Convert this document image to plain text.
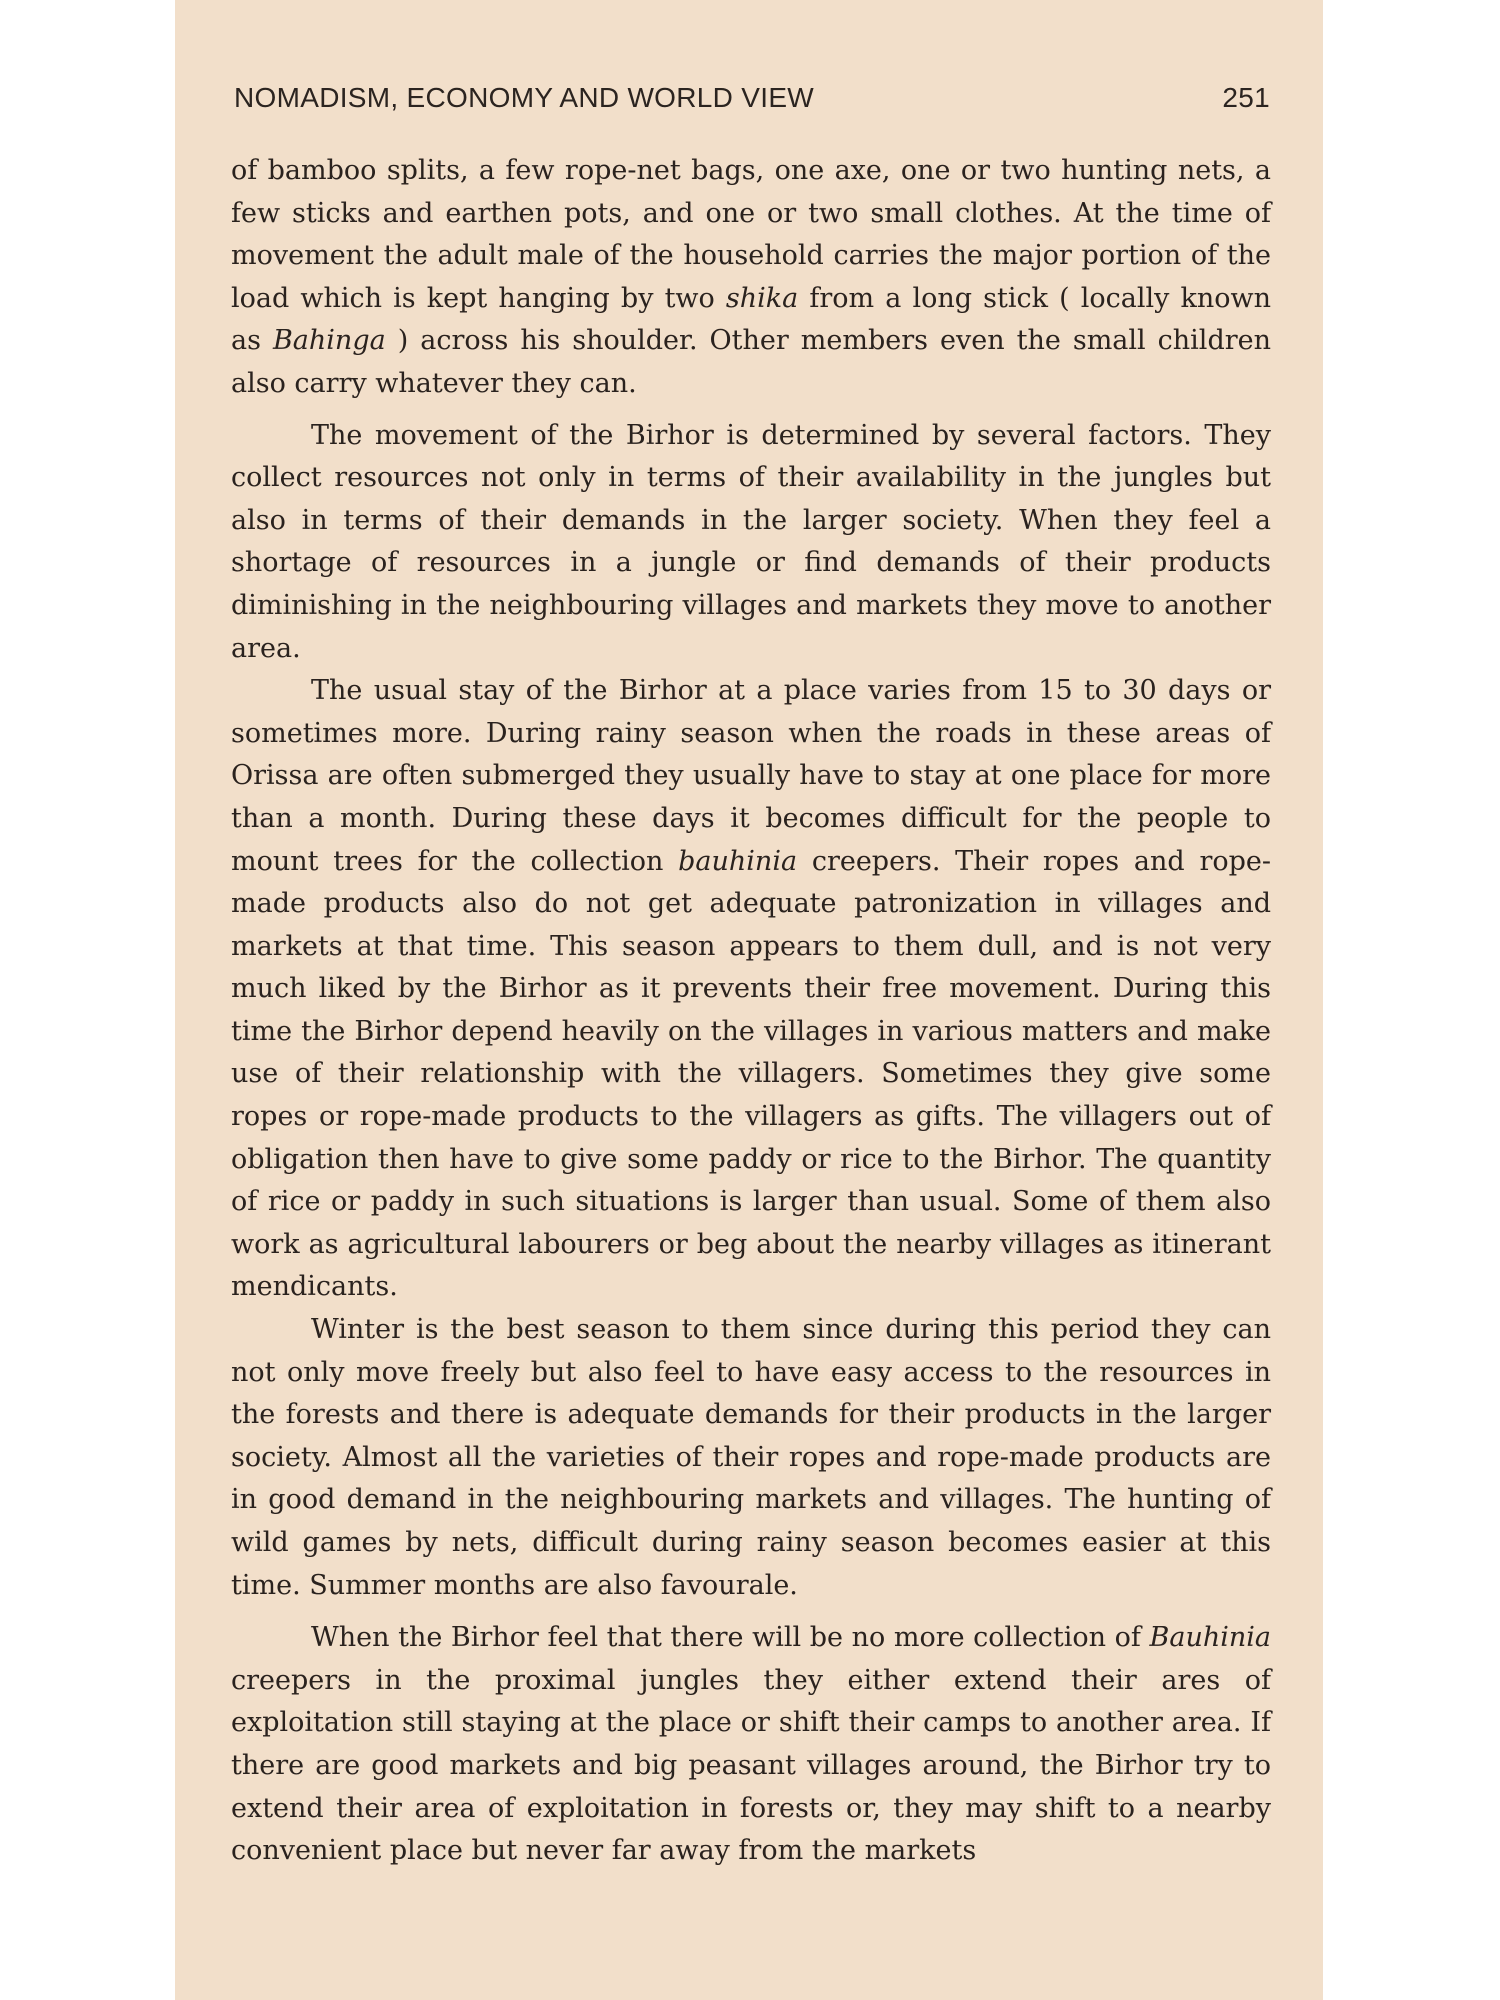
NOMADISM, ECONOMY AND WORLD VIEW	251

of bamboo splits, a few rope-net bags, one axe, one or two hunting nets, a few sticks and earthen pots, and one or two small clothes. At the time of movement the adult male of the household carries the major portion of the load which is kept hanging by two shika from a long stick ( locally known as Bahinga ) across his shoulder. Other members even the small children also carry whatever they can.

The movement of the Birhor is determined by several factors. They collect resources not only in terms of their availability in the jungles but also in terms of their demands in the larger society. When they feel a shortage of resources in a jungle or find demands of their products diminishing in the neighbouring villages and markets they move to another area.

The usual stay of the Birhor at a place varies from 15 to 30 days or sometimes more. During rainy season when the roads in these areas of Orissa are often submerged they usually have to stay at one place for more than a month. During these days it becomes difficult for the people to mount trees for the collection bauhinia creepers. Their ropes and rope-made products also do not get adequate patronization in villages and markets at that time. This season appears to them dull, and is not very much liked by the Birhor as it prevents their free movement. During this time the Birhor depend heavily on the villages in various matters and make use of their relationship with the villagers. Sometimes they give some ropes or rope-made products to the villagers as gifts. The villagers out of obligation then have to give some paddy or rice to the Birhor. The quantity of rice or paddy in such situations is larger than usual. Some of them also work as agricultural labourers or beg about the nearby villages as itinerant mendicants.

Winter is the best season to them since during this period they can not only move freely but also feel to have easy access to the resources in the forests and there is adequate demands for their products in the larger society. Almost all the varieties of their ropes and rope-made products are in good demand in the neighbouring markets and villages. The hunting of wild games by nets, difficult during rainy season becomes easier at this time. Summer months are also favourale.

When the Birhor feel that there will be no more collection of Bauhinia creepers in the proximal jungles they either extend their ares of exploitation still staying at the place or shift their camps to another area. If there are good markets and big peasant villages around, the Birhor try to extend their area of exploitation in forests or, they may shift to a nearby convenient place but never far away from the markets
